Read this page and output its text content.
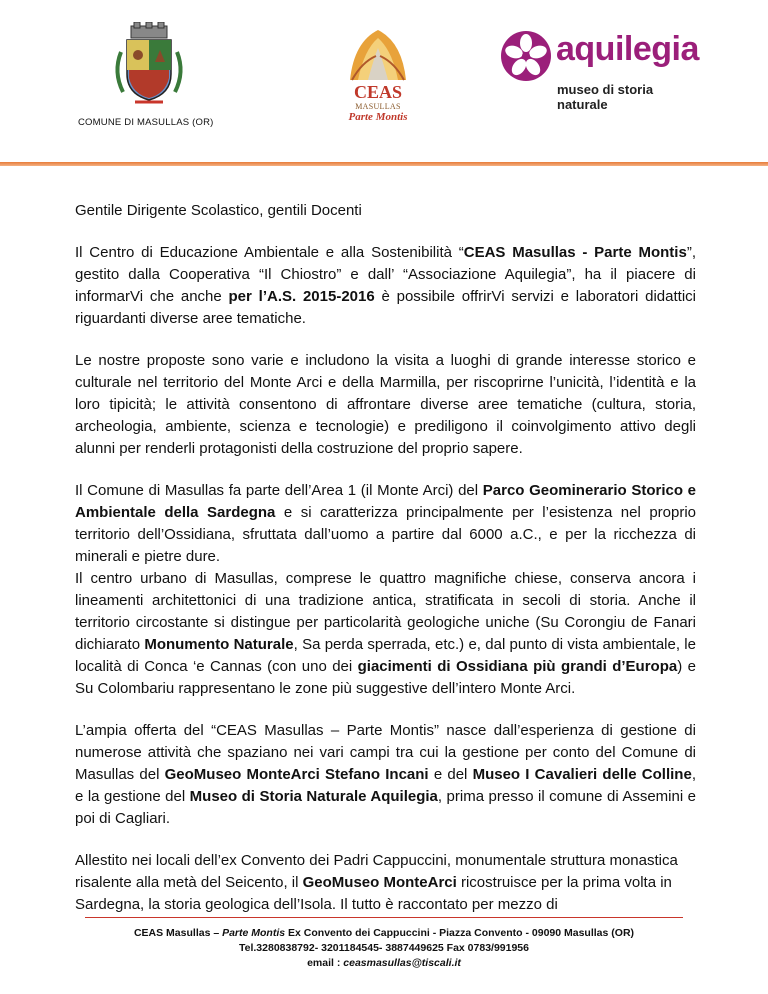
COMUNE DI MASULLAS (OR)
CEAS
MASULLAS
Parte Montis
aquilegia
museo di storia naturale

Gentile Dirigente Scolastico, gentili Docenti

Il Centro di Educazione Ambientale e alla Sostenibilità “CEAS Masullas - Parte Montis”, gestito dalla Cooperativa “Il Chiostro” e dall’ “Associazione Aquilegia”, ha il piacere di informarVi che anche per l’A.S. 2015-2016 è possibile offrirVi servizi e laboratori didattici riguardanti diverse aree tematiche.

Le nostre proposte sono varie e includono la visita a luoghi di grande interesse storico e culturale nel territorio del Monte Arci e della Marmilla, per riscoprirne l’unicità, l’identità e la loro tipicità; le attività consentono di affrontare diverse aree tematiche (cultura, storia, archeologia, ambiente, scienza e tecnologie) e prediligono il coinvolgimento attivo degli alunni per renderli protagonisti della costruzione del proprio sapere.

Il Comune di Masullas fa parte dell’Area 1 (il Monte Arci) del Parco Geominerario Storico e Ambientale della Sardegna e si caratterizza principalmente per l’esistenza nel proprio territorio dell’Ossidiana, sfruttata dall’uomo a partire dal 6000 a.C., e per la ricchezza di minerali e pietre dure.

Il centro urbano di Masullas, comprese le quattro magnifiche chiese, conserva ancora i lineamenti architettonici di una tradizione antica, stratificata in secoli di storia. Anche il territorio circostante si distingue per particolarità geologiche uniche (Su Corongiu de Fanari dichiarato Monumento Naturale, Sa perda sperrada, etc.) e, dal punto di vista ambientale, le località di Conca ‘e Cannas (con uno dei giacimenti di Ossidiana più grandi d’Europa) e Su Colombariu rappresentano le zone più suggestive dell’intero Monte Arci.

L’ampia offerta del “CEAS Masullas – Parte Montis” nasce dall’esperienza di gestione di numerose attività che spaziano nei vari campi tra cui la gestione per conto del Comune di Masullas del GeoMuseo MonteArci Stefano Incani e del Museo I Cavalieri delle Colline, e la gestione del Museo di Storia Naturale Aquilegia, prima presso il comune di Assemini e poi di Cagliari.

Allestito nei locali dell’ex Convento dei Padri Cappuccini, monumentale struttura monastica risalente alla metà del Seicento, il GeoMuseo MonteArci ricostruisce per la prima volta in Sardegna, la storia geologica dell’Isola. Il tutto è raccontato per mezzo di

CEAS Masullas – Parte Montis Ex Convento dei Cappuccini - Piazza Convento - 09090 Masullas (OR)
Tel.3280838792- 3201184545- 3887449625 Fax 0783/991956
email : ceasmasullas@tiscali.it
